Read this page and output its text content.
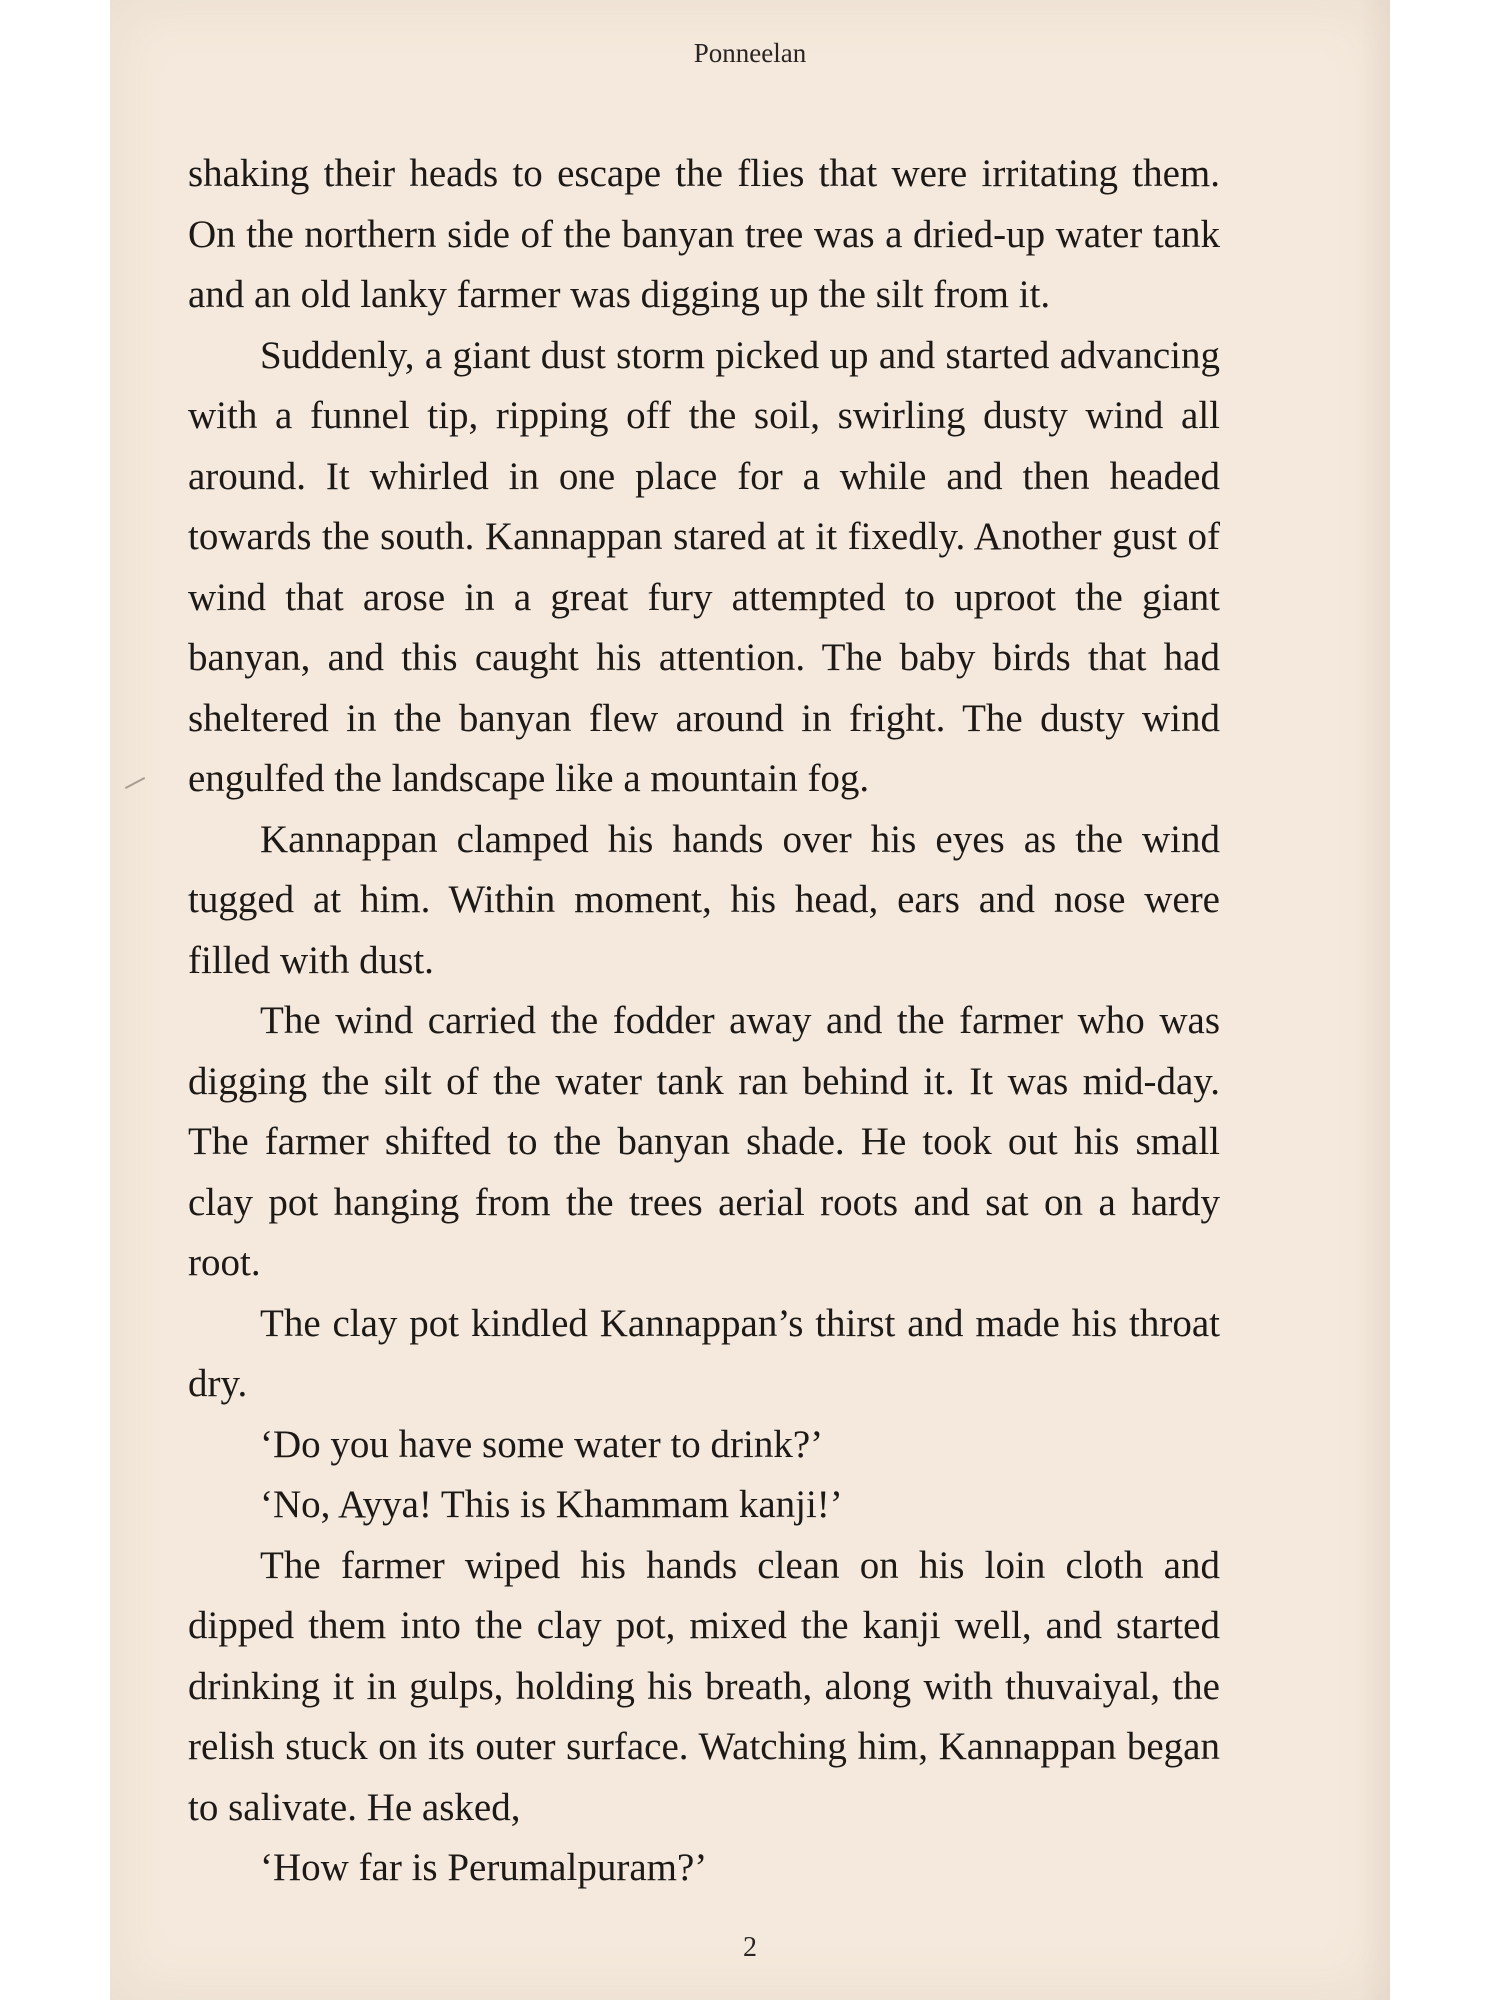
Ponneelan

shaking their heads to escape the flies that were irritating them. On the northern side of the banyan tree was a dried-up water tank and an old lanky farmer was digging up the silt from it.

Suddenly, a giant dust storm picked up and started advancing with a funnel tip, ripping off the soil, swirling dusty wind all around. It whirled in one place for a while and then headed towards the south. Kannappan stared at it fixedly. Another gust of wind that arose in a great fury attempted to uproot the giant banyan, and this caught his attention. The baby birds that had sheltered in the banyan flew around in fright. The dusty wind engulfed the landscape like a mountain fog.

Kannappan clamped his hands over his eyes as the wind tugged at him. Within moment, his head, ears and nose were filled with dust.

The wind carried the fodder away and the farmer who was digging the silt of the water tank ran behind it. It was mid-day. The farmer shifted to the banyan shade. He took out his small clay pot hanging from the trees aerial roots and sat on a hardy root.

The clay pot kindled Kannappan’s thirst and made his throat dry.

‘Do you have some water to drink?’

‘No, Ayya! This is Khammam kanji!’

The farmer wiped his hands clean on his loin cloth and dipped them into the clay pot, mixed the kanji well, and started drinking it in gulps, holding his breath, along with thuvaiyal, the relish stuck on its outer surface. Watching him, Kannappan began to salivate. He asked,

‘How far is Perumalpuram?’

2
